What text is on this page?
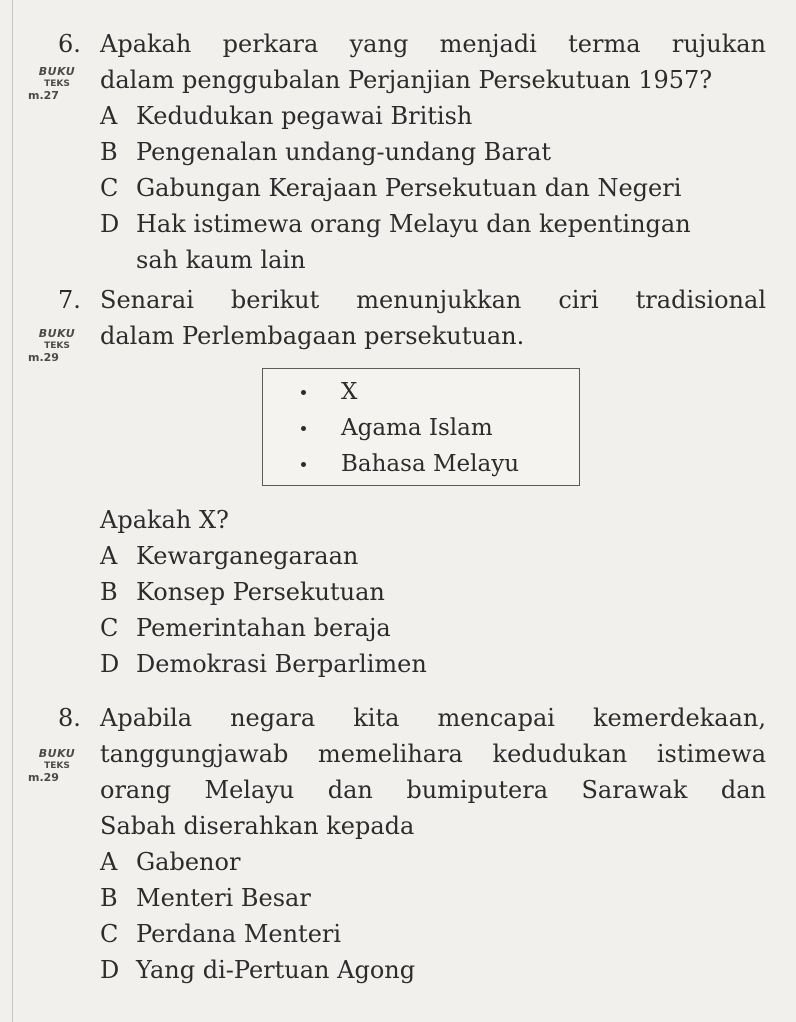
6. Apakah perkara yang menjadi terma rujukan
dalam penggubalan Perjanjian Persekutuan 1957?
A Kedudukan pegawai British
B Pengenalan undang-undang Barat
C Gabungan Kerajaan Persekutuan dan Negeri
D Hak istimewa orang Melayu dan kepentingan
sah kaum lain
BUKU
TEKS
m.27
7. Senarai berikut menunjukkan ciri tradisional
dalam Perlembagaan persekutuan.
BUKU
TEKS
m.29
X
Agama Islam
Bahasa Melayu
Apakah X?
A Kewarganegaraan
B Konsep Persekutuan
C Pemerintahan beraja
D Demokrasi Berparlimen
8. Apabila negara kita mencapai kemerdekaan,
tanggungjawab memelihara kedudukan istimewa
orang Melayu dan bumiputera Sarawak dan
Sabah diserahkan kepada
A Gabenor
B Menteri Besar
C Perdana Menteri
D Yang di-Pertuan Agong
BUKU
TEKS
m.29
